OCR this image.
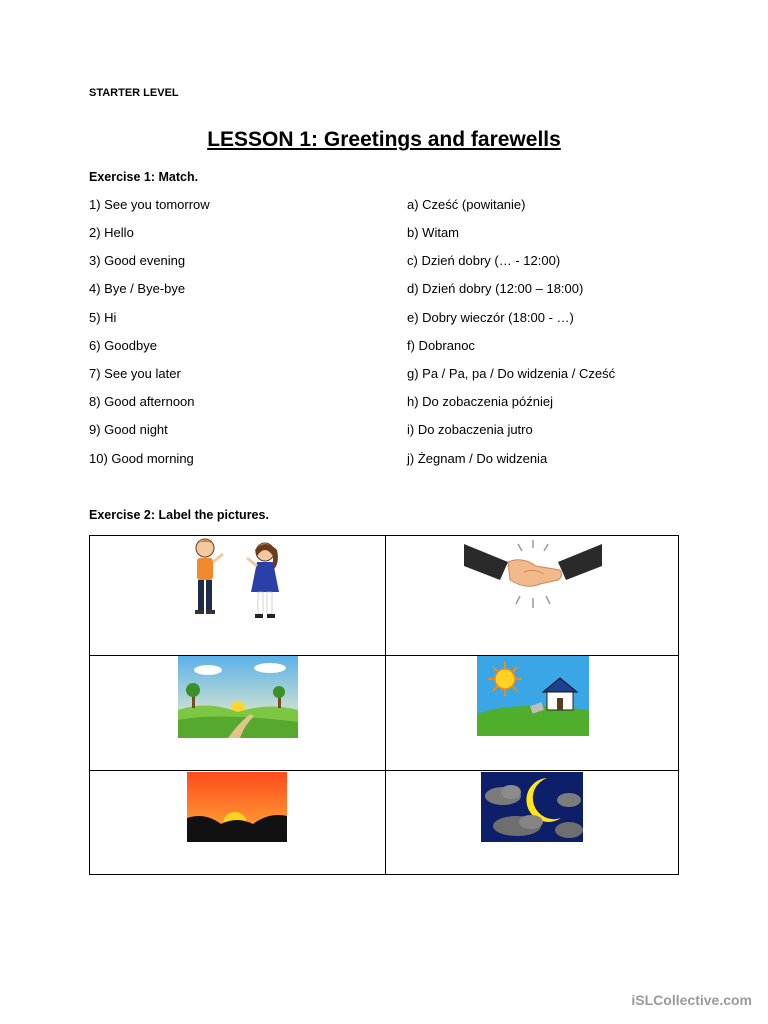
STARTER LEVEL
LESSON 1: Greetings and farewells
Exercise 1: Match.
1) See you tomorrow	a) Cześć (powitanie)
2) Hello	b) Witam
3) Good evening	c) Dzień dobry (… - 12:00)
4) Bye / Bye-bye	d) Dzień dobry (12:00 – 18:00)
5) Hi	e) Dobry wieczór (18:00 - …)
6) Goodbye	f) Dobranoc
7) See you later	g) Pa / Pa, pa / Do widzenia / Cześć
8) Good afternoon	h) Do zobaczenia później
9) Good night	i) Do zobaczenia jutro
10) Good morning	j) Żegnam / Do widzenia
Exercise 2: Label the pictures.
iSLCollective.com
